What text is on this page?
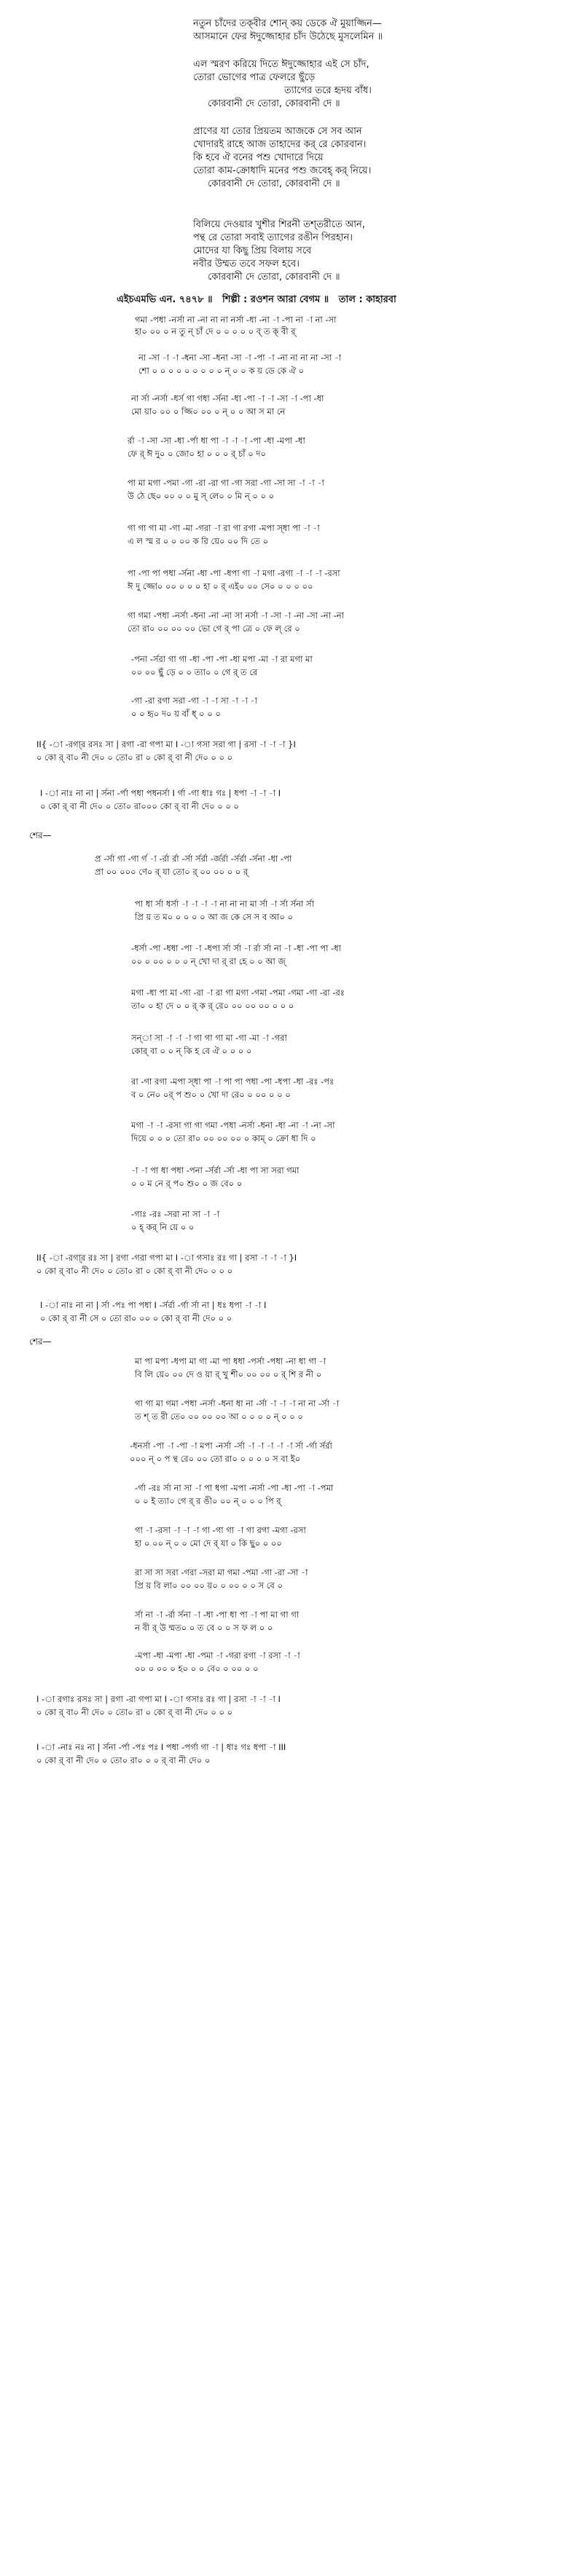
নতুন চাঁদের তক্‌বীর শোন্ কয় ডেকে ঐ মুয়াজ্জিন—
আসমানে ফের ঈদুজ্জোহার চাঁদ উঠেছে মুসলেমিন ॥
এল স্মরণ করিয়ে দিতে ঈদুজ্জোহার এই সে চাঁদ,
তোরা ভোগের পাত্র ফেলরে ছুঁড়ে
ত্যাগের তরে হৃদয় বাঁধ।
কোরবানী দে তোরা, কোরবানী দে ॥
প্রাণের যা তোর প্রিয়তম আজকে সে সব আন
খোদারই রাহে আজ তাহাদের কর্‌ রে কোরবান।
কি হবে ঐ বনের পশু খোদারে দিয়ে
তোরা কাম-ক্রোধাদি মনের পশু জবেহ্ কর্‌ নিয়ে।
কোরবানী দে তোরা, কোরবানী দে ॥
বিলিয়ে দেওয়ার খুশীর শিরনী তশ্‌তরীতে আন,
পন্থ রে তোরা সবাই ত্যাগের রঙীন পিরহান।
মোদের যা কিছু প্রিয় বিলায় সবে
নবীর উম্মত তবে সফল হবে।
কোরবানী দে তোরা, কোরবানী দে ॥
এইচএমভি এন. ৭৪৭৮ ॥   শিল্পী : রওশন আরা বেগম ॥   তাল : কাহারবা
গমা -পধা -নর্সা না -না না না নর্সা -ধা -না -া -পা না -া না -সা
হা০ ০০ ০ ন তু ন্ চাঁ দে ০ ০ ০ ০ ০ ব্ ত ক্ বী র্
না -সা -া -া -ধনা -সা -ধনা -সা -া -পা -া -না না না না -সা -া
শো ০ ০ ০ ০ ০ ০ ০ ০ ০ ন্ ০ ০ ক য় ডে কে ঐ ০
না র্সা -নর্সা -ধর্স গা গধা -র্সনা -ধা -পা -া -া -সা -া -পা -ধা
মো য়া০ ০০ ০ জ্জি০ ০০ ০ ন্ ০ ০ আ স মা নে
র্রা -া -সা -সা -ধা -র্পা ধা পা -া -া -া -পা -ধা -মপা -ধা
ফে র্ ঈ দু০ ০ জো০ হা ০ ০ ০ র্ চাঁ ০ দ০
পা মা মগা -পমা -গা -রা -রা গা -গা সরা -গা -সা সা -া -া -া
উ ঠে ছে০ ০০ ০ ০ মু স্ লে০ ০ মি ন্ ০ ০ ০
গা গা গা মা -গা -মা -গরা -া রা গা রগা -মপা স্ধা পা -া -া
এ ল স্ম র ০ ০ ০০ ক রি য়ে০ ০০ দি তে ০
পা -পা পা পধা -র্সনা -ধা -পা -ধপা গা -া মগা -রগা -া -া -া -রসা
ঈ দু জ্জো০ ০০ ০ ০ ০ হা ০ র্ এই০ ০০ সে০ ০ ০ ০ ০০
গা গমা -পধা -নর্সা -ধনা -না -না সা নর্সা -া -সা -া -না -সা -না -না
তো রা০ ০০ ০০ ০০ ভো গে র্ পা ত্রে ০ ফে ল্ রে ০
-পনা -র্সরা গা গা -ধা -পা -পা -ধা মপা -মা -া রা মগা মা
০০ ০০ ছুঁ ড়ে ০ ০ ত্যা০ ০ গে র্ ত রে
-গা -রা রগা সরা -গা -া -া সা -া -া -া
০ ০ হৃ০ দ০ য় বাঁ ধ্ ০ ০ ০
II{ -া -রগা্র রসঃ সা | রগা -রা গপা মা I -া গসা সরা গা | রসা -া -া -া }I
০ কো র্ বা০ নী দে০ ০ তো০ রা ০ কো র্ বা নী দে০ ০ ০ ০
I -া নাঃ না না | র্সনা -র্পা পধা পধনর্সা I র্গা -গা ধাঃ গঃ | ধপা -া -া -া I
০ কো র্ বা নী দে০ ০ তো০ রা০০০ কো র্ বা নী দে০ ০ ০ ০
শের—
প্র -র্সা গা -গা র্গ -া -র্রা র্রা -র্সা র্সর্রা -র্জর্রা -র্সর্রা -র্সনা -ধা -পা
প্রা ০০ ০০০ ণে০ র্ যা তো০ র্ ০০ ০০ ০ ০ র্
পা ধা র্সা ধর্সা -া -া -া -া না না না মা র্সা -া র্সা র্সনা র্সা
প্রি য় ত ম০ ০ ০ ০ ০ আ জ কে সে স ব আ০ ০
-ধর্সা -পা -ধধা -পা -া -ধপা র্সা র্সা -া র্রা র্সা না -া -ধা -পা পা -ধা
০০ ০ ০০ ০ ০ ০ ন্ খো দা র্ রা হে ০ ০ আ জ্
মগা -ধা পা মা -গা -রা -া রা গা মগা -গমা -পমা -গমা -গা -রা -রঃ
তা০ ০ হা দে ০ ০ র্ ক র্ রে০ ০০ ০০ ০০ ০ ০ ০
সন্‌া সা -া -া -া গা গা গা মা -গা -মা -া -গরা
কোর্‌ বা ০ ০ ন্ কি হ বে ঐ ০ ০ ০ ০
রা -গা রগা -মপা স্ধা পা -া পা পা পধা -পা -ধপা -ধা -রঃ -পঃ
ব ০ নে০ ০র্ প শু০ ০ খো দা রে০ ০ ০০ ০ ০ ০
মগা -া -া -রসা গা গা গমা -পধা -নর্সা -ধনা -ধা -না -া -না -সা
দিয়ে ০ ০ ০ তো রা০ ০০ ০০ ০০ ০ কাম্‌ ০ ক্রো ধা দি ০
-া -া পা ধা পধা -পনা -র্সর্রা -র্সা -ধা পা সা সরা গমা
০ ০ ম নে র্ প০ শু০ ০ জ বে০ ০
-গাঃ -রঃ -সরা না সা -া -া
০ হ্ কর্‌ নি য়ে ০ ০
II{ -া -রগা্র রঃ সা | রগা -গরা গপা মা I -া গসাঃ রঃ গা | রসা -া -া -া }I
০ কো র্ বা০ নী দে০ ০ তো০ রা ০ কো র্ বা নী দে০ ০ ০ ০
I -া নাঃ না না | র্সা -পঃ পা পধা I -র্সর্রা -র্গা র্সা না | ধঃ ধপা -া -া I
০ কো র্ বা নী সে ০ তো রা০ ০০ ০ কো র্ বা নী দে০ ০ ০
শের—
মা পা মপা -ধপা মা গা -মা পা ধধা -পর্সা -পধা -না ধা গা -া
বি লি য়ে০ ০০ দে ও য়া র্ খু শী০ ০০ ০০ ০ র্ শি র নী ০
গা গা মা গমা -পধা -নর্সা -ধনা ধা না -র্সা -া -া -া না না -র্সা -া
ত শ্ ত রী তে০ ০০ ০০ ০০ আ ০ ০ ০ ০ ন্ ০ ০ ০
-ধনর্সা -পা -া -পা -া মপা -নর্সা -র্সা -া -া -া -া -া র্সা -র্গা র্সর্রা
০০০ ন্ ০ প ন্থ রে০ ০০ তো রা০ ০ ০ ০ ০ স বা ই০
-র্গা -রঃ র্সা না সা -া পা ধপা -মপা -নর্সা -পা -ধা -পা -া -পমা
০ ০ ই ত্যা০ গে র্ র ঙী০ ০০ ন্ ০ ০ ০ পি র্
গা -া -রসা -া -া -া গা -গা গা -া গা রগা -মগা -রসা
হা ০ ০০ ন্ ০ ০ মো দে র্ যা ০ কি ছু০ ০ ০০
রা সা সা সরা -গরা -সরা মা গমা -পমা -গা -রা -সা -া
প্রি য় বি লা০ ০০ ০০ য়০ ০ ০০ ০ ০ স বে ০
র্সা না -া -র্রা র্সনা -া -ধা -পা ধা পা -া পা মা গা গা
ন বী র্ উ ম্মত০ ০ ত বে ০ ০ স ফ ল ০ ০
-মপা -ধা -মপা -ধা -পমা -া -গরা রগা -া রসা -া -া
০০ ০ ০০ ০ হ০ ০ ০ বে০ ০ ০০ ০ ০
I -া রগাঃ রসঃ সা | রগা -রা গপা মা I -া গসাঃ রঃ গা | রসা -া -া -া I
০ কো র্ বা০ নী দে০ ০ তো০ রা ০ কো র্ বা নী দে০ ০ ০ ০
I -া -নাঃ নঃ না | র্সনা -র্পা -পঃ পঃ I পধা -পর্গা গা -া | ধাঃ গঃ ধপা -া III
০ কো র্ বা নী দে০ ০ তো০ রা০ ০ ০ র্ বা নী দে০ ০
